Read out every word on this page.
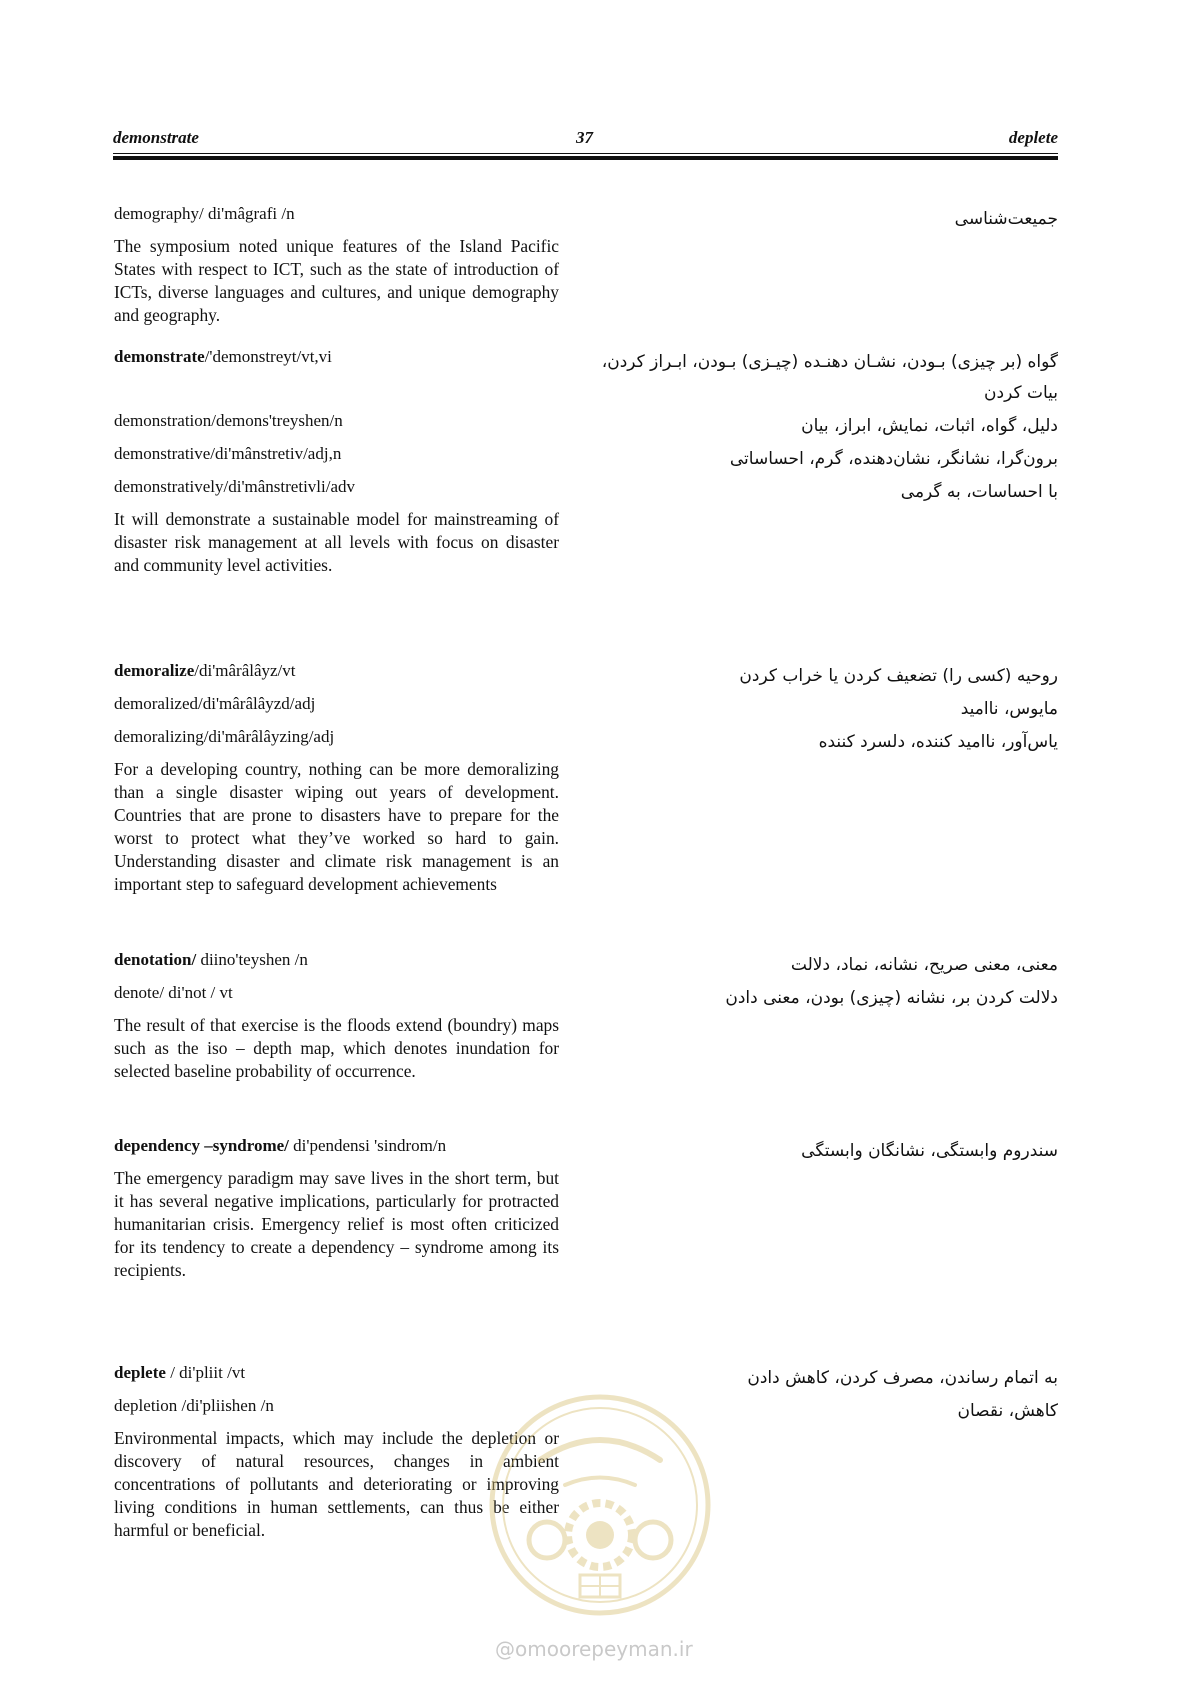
demonstrate	37	deplete
demography/ di'mâgrafi /n	جمیعت‌شناسی
The symposium noted unique features of the Island Pacific States with respect to ICT, such as the state of introduction of ICTs, diverse languages and cultures, and unique demography and geography.
demonstrate/'demonstreyt/vt,vi	گواه (بر چیزی) بـودن، نشـان دهنـده (چیـزی) بـودن، ابـراز کردن، بیات کردن
demonstration/demons'treyshen/n	دلیل، گواه، اثبات، نمایش، ابراز، بیان
demonstrative/di'mânstretiv/adj,n	برون‌گرا، نشانگر، نشان‌دهنده، گرم، احساساتی
demonstratively/di'mânstretivli/adv	با احساسات، به گرمی
It will demonstrate a sustainable model for mainstreaming of disaster risk management at all levels with focus on disaster and community level activities.
demoralize/di'mârâlâyz/vt	روحیه (کسی را) تضعیف کردن یا خراب کردن
demoralized/di'mârâlâyzd/adj	مایوس، ناامید
demoralizing/di'mârâlâyzing/adj	یاس‌آور، ناامید کننده، دلسرد کننده
For a developing country, nothing can be more demoralizing than a single disaster wiping out years of development. Countries that are prone to disasters have to prepare for the worst to protect what they’ve worked so hard to gain. Understanding disaster and climate risk management is an important step to safeguard development achievements
denotation/ diino'teyshen /n	معنی، معنی صریح، نشانه، نماد، دلالت
denote/ di'not / vt	دلالت کردن بر، نشانه (چیزی) بودن، معنی دادن
The result of that exercise is the floods extend (boundry) maps such as the iso – depth map, which denotes inundation for selected baseline probability of occurrence.
dependency –syndrome/ di'pendensi 'sindrom/n	سندروم وابستگی، نشانگان وابستگی
The emergency paradigm may save lives in the short term, but it has several negative implications, particularly for protracted humanitarian crisis. Emergency relief is most often criticized for its tendency to create a dependency – syndrome among its recipients.
deplete / di'pliit /vt	به اتمام رساندن، مصرف کردن، کاهش دادن
depletion /di'pliishen /n	کاهش، نقصان
Environmental impacts, which may include the depletion or discovery of natural resources, changes in ambient concentrations of pollutants and deteriorating or improving living conditions in human settlements, can thus be either harmful or beneficial.
@omoorepeyman.ir
